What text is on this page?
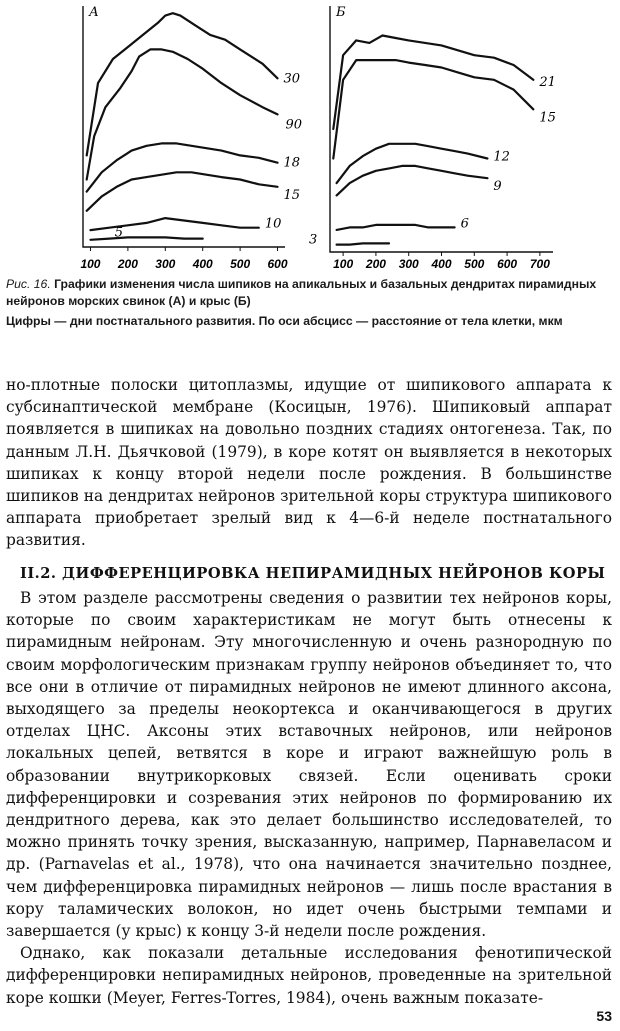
А
100 200 300 400 500 600
30
90
18
15
10
5
Б
100 200 300 400 500 600 700
21
15
12
9
6
3
Рис. 16. Графики изменения числа шипиков на апикальных и базальных дендритах пирамидных нейронов морских свинок (А) и крыс (Б)
Цифры — дни постнатального развития. По оси абсцисс — расстояние от тела клетки, мкм

но-плотные полоски цитоплазмы, идущие от шипикового аппарата к субсинаптической мембране (Косицын, 1976). Шипиковый аппарат появляется в шипиках на довольно поздних стадиях онтогенеза. Так, по данным Л.Н. Дьячковой (1979), в коре котят он выявляется в некоторых шипиках к концу второй недели после рождения. В большинстве шипиков на дендритах нейронов зрительной коры структура шипикового аппарата приобретает зрелый вид к 4—6-й неделе постнатального развития.

II.2. ДИФФЕРЕНЦИРОВКА НЕПИРАМИДНЫХ НЕЙРОНОВ КОРЫ

В этом разделе рассмотрены сведения о развитии тех нейронов коры, которые по своим характеристикам не могут быть отнесены к пирамидным нейронам. Эту многочисленную и очень разнородную по своим морфологическим признакам группу нейронов объединяет то, что все они в отличие от пирамидных нейронов не имеют длинного аксона, выходящего за пределы неокортекса и оканчивающегося в других отделах ЦНС. Аксоны этих вставочных нейронов, или нейронов локальных цепей, ветвятся в коре и играют важнейшую роль в образовании внутрикорковых связей. Если оценивать сроки дифференцировки и созревания этих нейронов по формированию их дендритного дерева, как это делает большинство исследователей, то можно принять точку зрения, высказанную, например, Парнавеласом и др. (Parnavelas et al., 1978), что она начинается значительно позднее, чем дифференцировка пирамидных нейронов — лишь после врастания в кору таламических волокон, но идет очень быстрыми темпами и завершается (у крыс) к концу 3-й недели после рождения.

Однако, как показали детальные исследования фенотипической дифференцировки непирамидных нейронов, проведенные на зрительной коре кошки (Meyer, Ferres-Torres, 1984), очень важным показате-

53
